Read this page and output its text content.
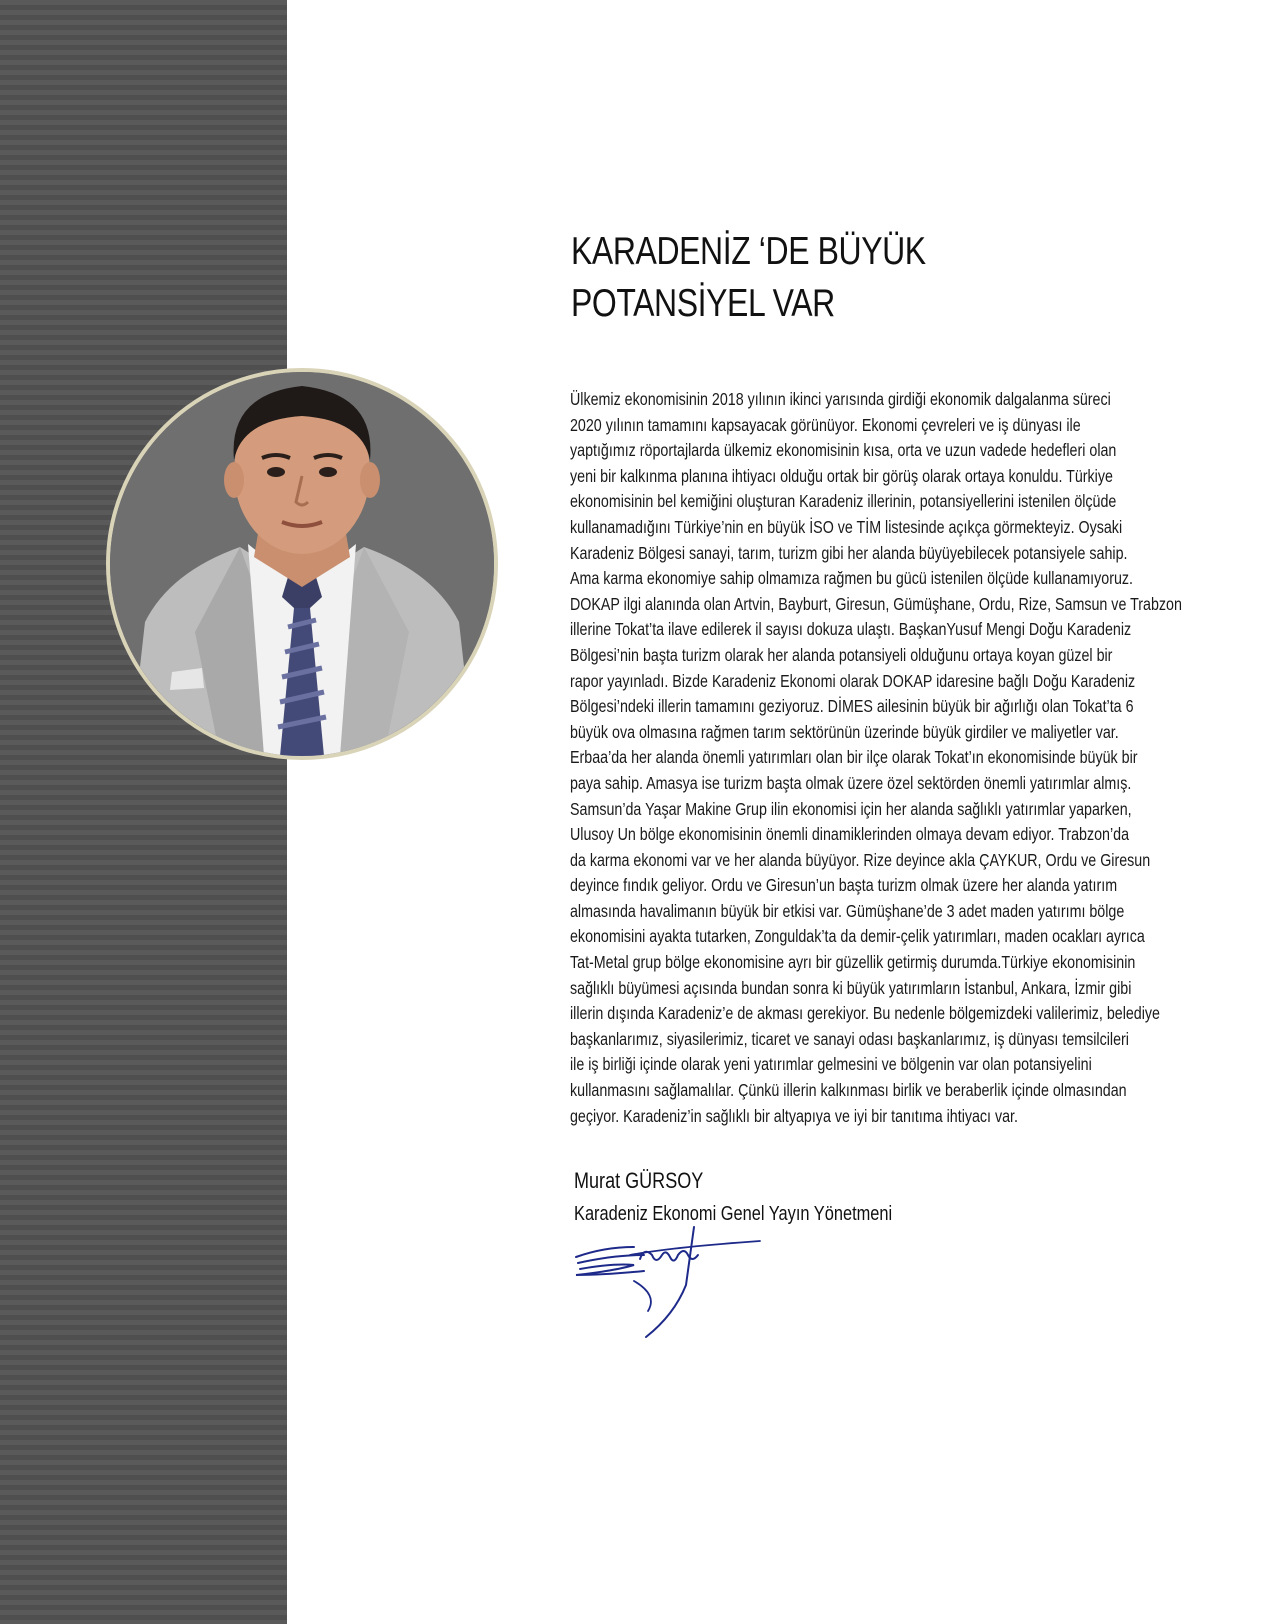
KARADENİZ ‘DE BÜYÜK
POTANSİYEL VAR
Ülkemiz ekonomisinin 2018 yılının ikinci yarısında girdiği ekonomik dalgalanma süreci
2020 yılının tamamını kapsayacak görünüyor. Ekonomi çevreleri ve iş dünyası ile
yaptığımız röportajlarda ülkemiz ekonomisinin kısa, orta ve uzun vadede hedefleri olan
yeni bir kalkınma planına ihtiyacı olduğu ortak bir görüş olarak ortaya konuldu. Türkiye
ekonomisinin bel kemiğini oluşturan Karadeniz illerinin, potansiyellerini istenilen ölçüde
kullanamadığını Türkiye’nin en büyük İSO ve TİM listesinde açıkça görmekteyiz. Oysaki
Karadeniz Bölgesi sanayi, tarım, turizm gibi her alanda büyüyebilecek potansiyele sahip.
Ama karma ekonomiye sahip olmamıza rağmen bu gücü istenilen ölçüde kullanamıyoruz.
DOKAP ilgi alanında olan Artvin, Bayburt, Giresun, Gümüşhane, Ordu, Rize, Samsun ve Trabzon
illerine Tokat’ta ilave edilerek il sayısı dokuza ulaştı. BaşkanYusuf Mengi Doğu Karadeniz
Bölgesi’nin başta turizm olarak her alanda potansiyeli olduğunu ortaya koyan güzel bir
rapor yayınladı. Bizde Karadeniz Ekonomi olarak DOKAP idaresine bağlı Doğu Karadeniz
Bölgesi’ndeki illerin tamamını geziyoruz. DİMES ailesinin büyük bir ağırlığı olan Tokat’ta 6
büyük ova olmasına rağmen tarım sektörünün üzerinde büyük girdiler ve maliyetler var.
Erbaa’da her alanda önemli yatırımları olan bir ilçe olarak Tokat’ın ekonomisinde büyük bir
paya sahip. Amasya ise turizm başta olmak üzere özel sektörden önemli yatırımlar almış.
Samsun’da Yaşar Makine Grup ilin ekonomisi için her alanda sağlıklı yatırımlar yaparken,
Ulusoy Un bölge ekonomisinin önemli dinamiklerinden olmaya devam ediyor. Trabzon’da
da karma ekonomi var ve her alanda büyüyor. Rize deyince akla ÇAYKUR, Ordu ve Giresun
deyince fındık geliyor. Ordu ve Giresun’un başta turizm olmak üzere her alanda yatırım
almasında havalimanın büyük bir etkisi var. Gümüşhane’de 3 adet maden yatırımı bölge
ekonomisini ayakta tutarken, Zonguldak’ta da demir-çelik yatırımları, maden ocakları ayrıca
Tat-Metal grup bölge ekonomisine ayrı bir güzellik getirmiş durumda.Türkiye ekonomisinin
sağlıklı büyümesi açısında bundan sonra ki büyük yatırımların İstanbul, Ankara, İzmir gibi
illerin dışında Karadeniz’e de akması gerekiyor. Bu nedenle bölgemizdeki valilerimiz, belediye
başkanlarımız, siyasilerimiz, ticaret ve sanayi odası başkanlarımız, iş dünyası temsilcileri
ile iş birliği içinde olarak yeni yatırımlar gelmesini ve bölgenin var olan potansiyelini
kullanmasını sağlamalılar. Çünkü illerin kalkınması birlik ve beraberlik içinde olmasından
geçiyor. Karadeniz’in sağlıklı bir altyapıya ve iyi bir tanıtıma ihtiyacı var.
Murat GÜRSOY
Karadeniz Ekonomi Genel Yayın Yönetmeni
